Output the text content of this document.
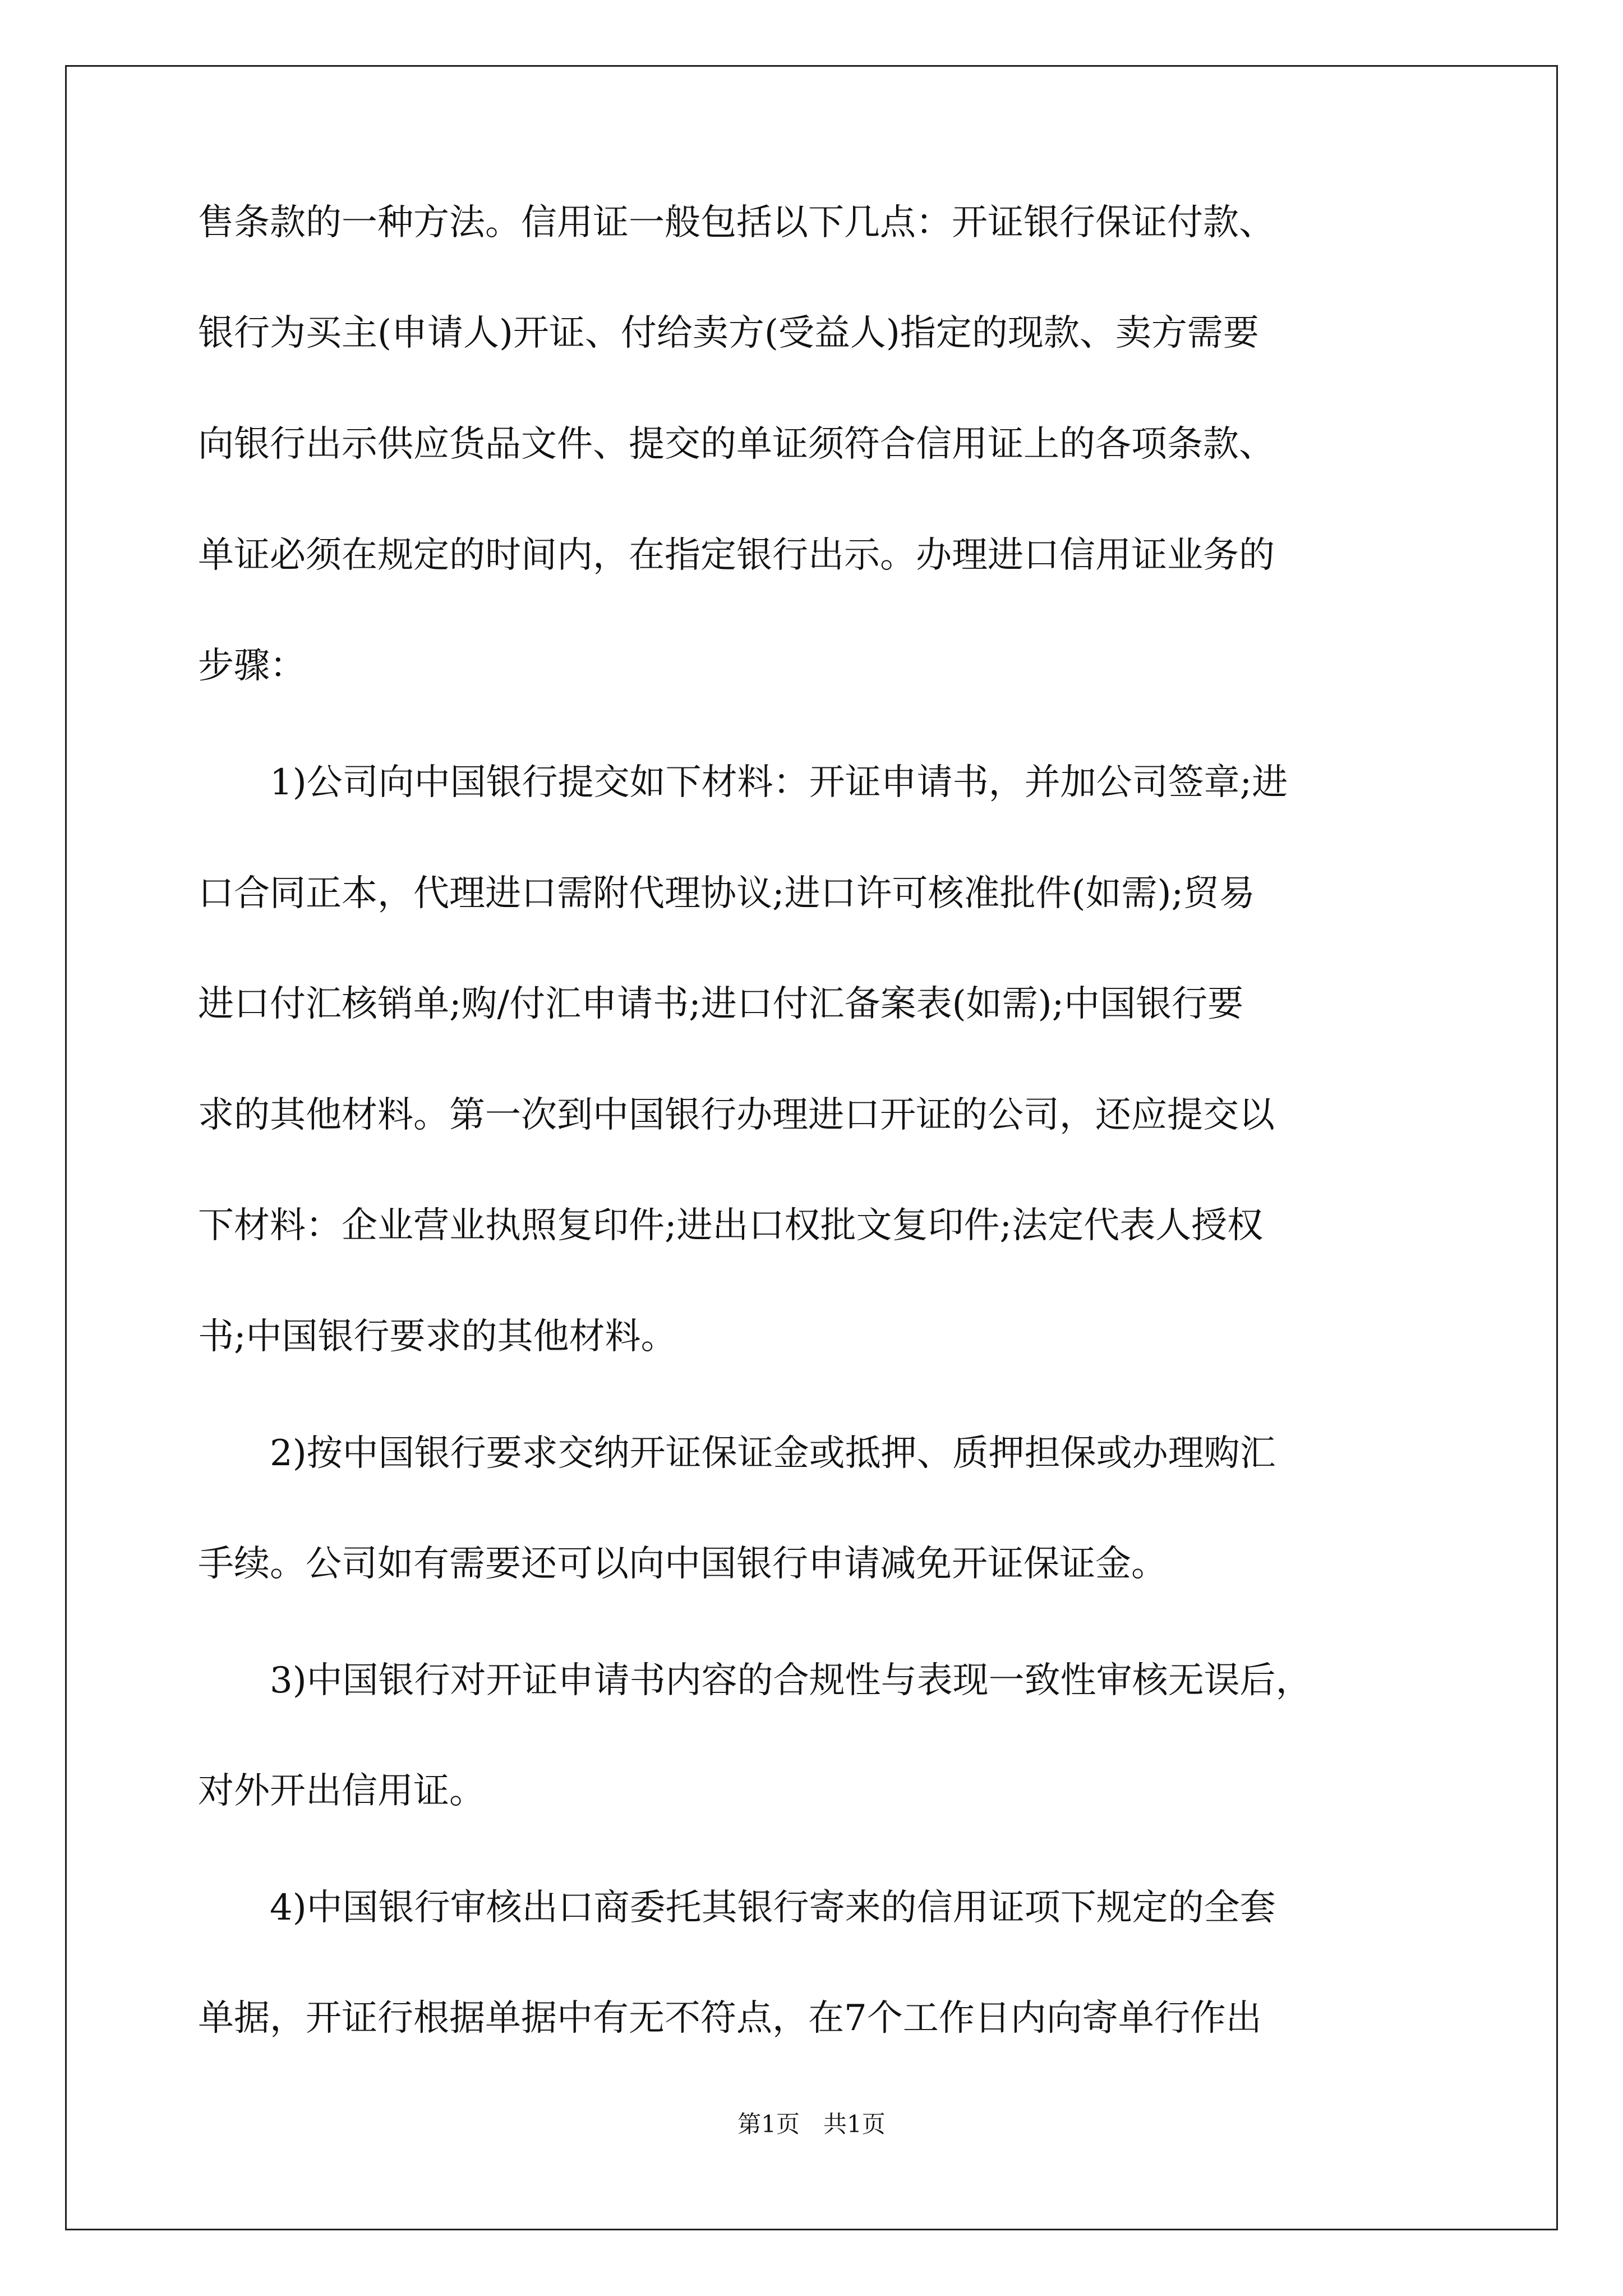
售条款的一种方法。信用证一般包括以下几点：开证银行保证付款、
银行为买主(申请人)开证、付给卖方(受益人)指定的现款、卖方需要
向银行出示供应货品文件、提交的单证须符合信用证上的各项条款、
单证必须在规定的时间内，在指定银行出示。办理进口信用证业务的
步骤：
　　1)公司向中国银行提交如下材料：开证申请书，并加公司签章;进
口合同正本，代理进口需附代理协议;进口许可核准批件(如需);贸易
进口付汇核销单;购/付汇申请书;进口付汇备案表(如需);中国银行要
求的其他材料。第一次到中国银行办理进口开证的公司，还应提交以
下材料：企业营业执照复印件;进出口权批文复印件;法定代表人授权
书;中国银行要求的其他材料。
　　2)按中国银行要求交纳开证保证金或抵押、质押担保或办理购汇
手续。公司如有需要还可以向中国银行申请减免开证保证金。
　　3)中国银行对开证申请书内容的合规性与表现一致性审核无误后，
对外开出信用证。
　　4)中国银行审核出口商委托其银行寄来的信用证项下规定的全套
单据，开证行根据单据中有无不符点，在7个工作日内向寄单行作出
第1页　共1页
